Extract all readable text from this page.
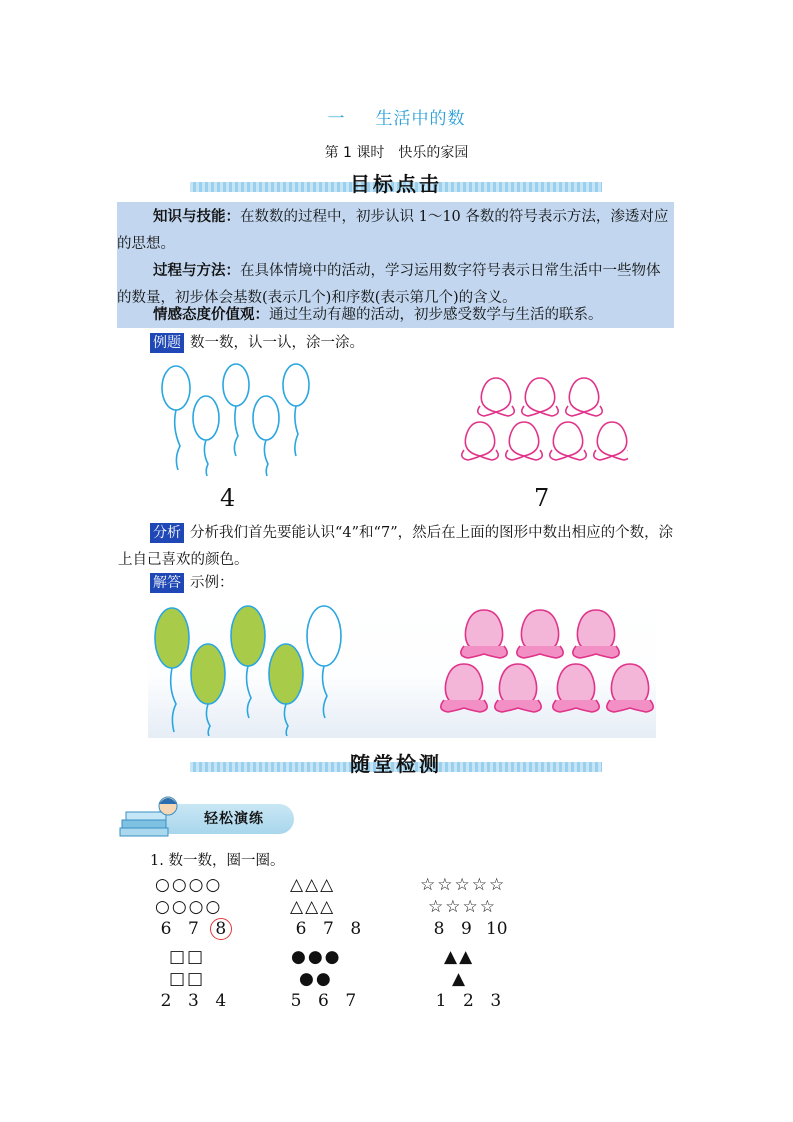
一 生活中的数
第 1 课时　快乐的家园
目标点击
知识与技能：在数数的过程中，初步认识 1～10 各数的符号表示方法，渗透对应的思想。
过程与方法：在具体情境中的活动，学习运用数字符号表示日常生活中一些物体的数量，初步体会基数(表示几个)和序数(表示第几个)的含义。
情感态度价值观：通过生动有趣的活动，初步感受数学与生活的联系。
例题 数一数，认一认，涂一涂。
4	7
分析 分析我们首先要能认识“4”和“7”，然后在上面的图形中数出相应的个数，涂上自己喜欢的颜色。
解答 示例：
随堂检测
轻松演练
1. 数一数，圈一圈。
○○○○
○○○○
6 7 8
△△△
△△△
6 7 8
☆☆☆☆☆
☆☆☆☆
8 9 10
□□
□□
2 3 4
●●●
●●
5 6 7
▲▲
▲
1 2 3
